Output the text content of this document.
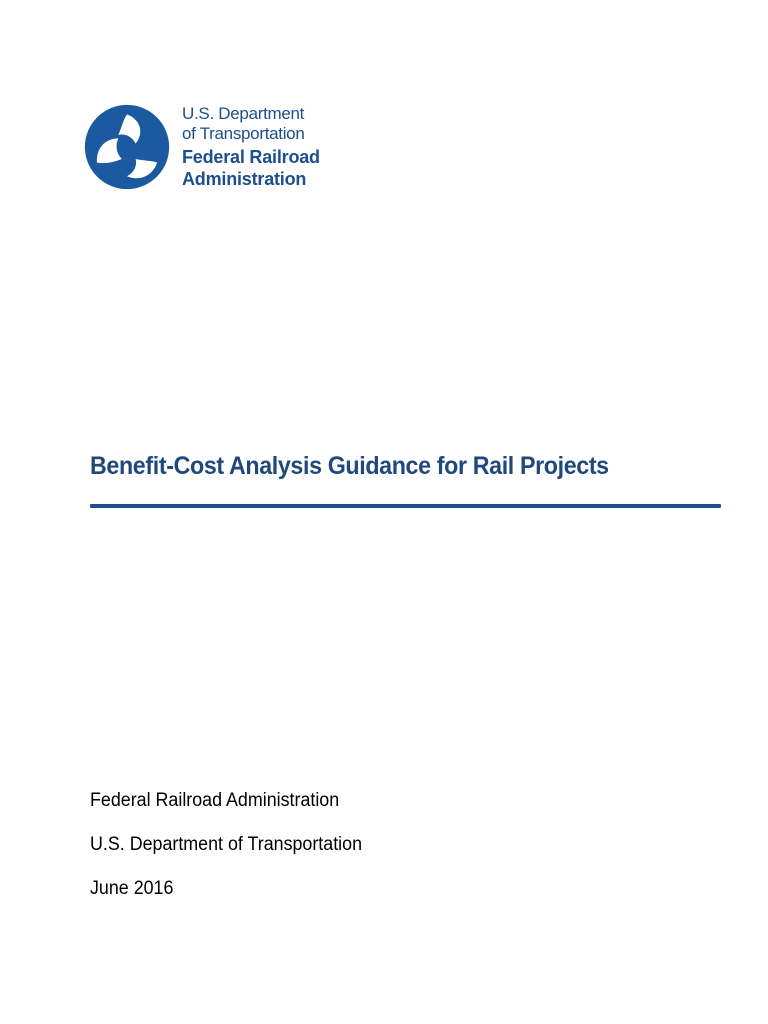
U.S. Department
of Transportation
Federal Railroad
Administration
Benefit-Cost Analysis Guidance for Rail Projects
Federal Railroad Administration
U.S. Department of Transportation
June 2016
